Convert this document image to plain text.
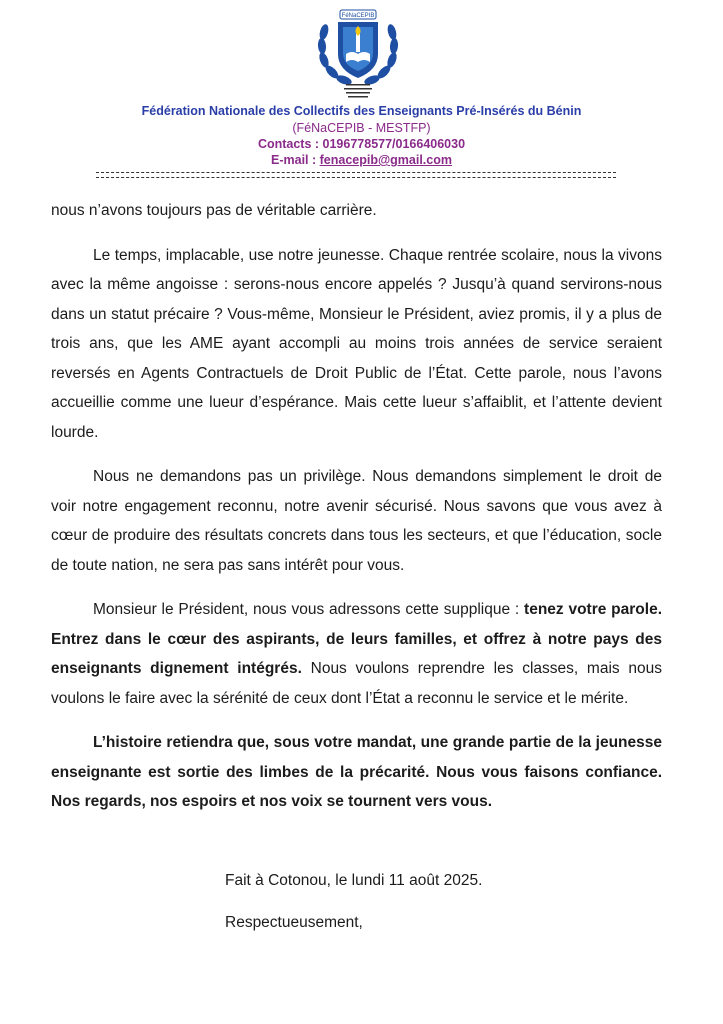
FéNaCEPIB
Fédération Nationale des Collectifs des Enseignants Pré-Insérés du Bénin
(FéNaCEPIB - MESTFP)
Contacts : 0196778577/0166406030
E-mail : fenacepib@gmail.com

nous n’avons toujours pas de véritable carrière.

Le temps, implacable, use notre jeunesse. Chaque rentrée scolaire, nous la vivons avec la même angoisse : serons-nous encore appelés ? Jusqu’à quand servirons-nous dans un statut précaire ? Vous-même, Monsieur le Président, aviez promis, il y a plus de trois ans, que les AME ayant accompli au moins trois années de service seraient reversés en Agents Contractuels de Droit Public de l’État. Cette parole, nous l’avons accueillie comme une lueur d’espérance. Mais cette lueur s’affaiblit, et l’attente devient lourde.

Nous ne demandons pas un privilège. Nous demandons simplement le droit de voir notre engagement reconnu, notre avenir sécurisé. Nous savons que vous avez à cœur de produire des résultats concrets dans tous les secteurs, et que l’éducation, socle de toute nation, ne sera pas sans intérêt pour vous.

Monsieur le Président, nous vous adressons cette supplique : tenez votre parole. Entrez dans le cœur des aspirants, de leurs familles, et offrez à notre pays des enseignants dignement intégrés. Nous voulons reprendre les classes, mais nous voulons le faire avec la sérénité de ceux dont l’État a reconnu le service et le mérite.

L’histoire retiendra que, sous votre mandat, une grande partie de la jeunesse enseignante est sortie des limbes de la précarité. Nous vous faisons confiance. Nos regards, nos espoirs et nos voix se tournent vers vous.

Fait à Cotonou, le lundi 11 août 2025.
Respectueusement,
